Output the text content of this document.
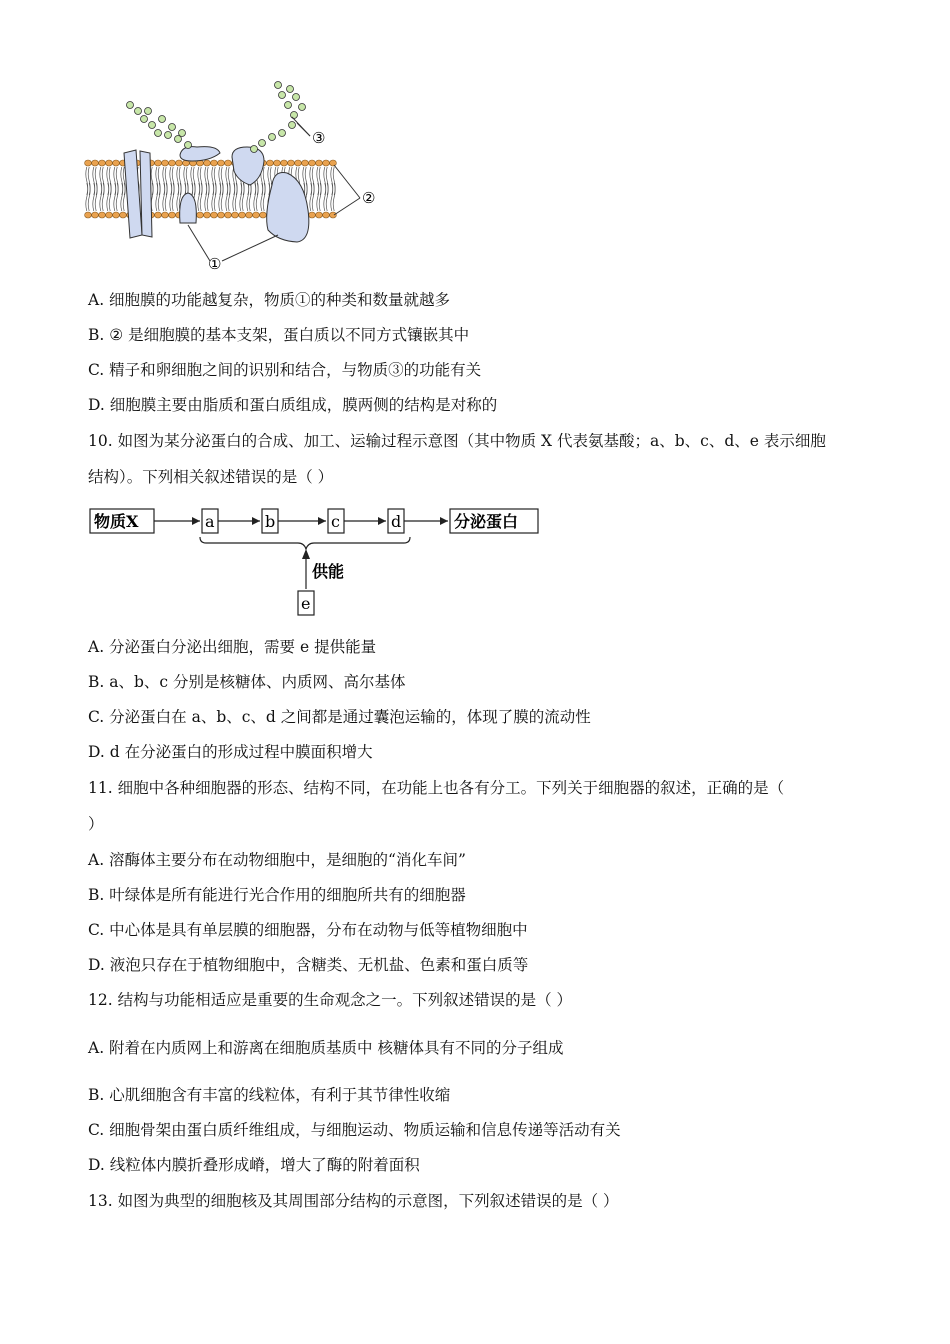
③
②
①
A. 细胞膜的功能越复杂，物质①的种类和数量就越多
B. ② 是细胞膜的基本支架，蛋白质以不同方式镶嵌其中
C. 精子和卵细胞之间的识别和结合，与物质③的功能有关
D. 细胞膜主要由脂质和蛋白质组成，膜两侧的结构是对称的
10. 如图为某分泌蛋白的合成、加工、运输过程示意图（其中物质 X 代表氨基酸；a、b、c、d、e 表示细胞
结构）。下列相关叙述错误的是（ ）
物质X	a	b	c	d	分泌蛋白
供能
e
A. 分泌蛋白分泌出细胞，需要 e 提供能量
B. a、b、c 分别是核糖体、内质网、高尔基体
C. 分泌蛋白在 a、b、c、d 之间都是通过囊泡运输的，体现了膜的流动性
D. d 在分泌蛋白的形成过程中膜面积增大
11. 细胞中各种细胞器的形态、结构不同，在功能上也各有分工。下列关于细胞器的叙述，正确的是（
）
A. 溶酶体主要分布在动物细胞中，是细胞的“消化车间”
B. 叶绿体是所有能进行光合作用的细胞所共有的细胞器
C. 中心体是具有单层膜的细胞器，分布在动物与低等植物细胞中
D. 液泡只存在于植物细胞中，含糖类、无机盐、色素和蛋白质等
12. 结构与功能相适应是重要的生命观念之一。下列叙述错误的是（ ）
A. 附着在内质网上和游离在细胞质基质中 核糖体具有不同的分子组成
B. 心肌细胞含有丰富的线粒体，有利于其节律性收缩
C. 细胞骨架由蛋白质纤维组成，与细胞运动、物质运输和信息传递等活动有关
D. 线粒体内膜折叠形成嵴，增大了酶的附着面积
13. 如图为典型的细胞核及其周围部分结构的示意图，下列叙述错误的是（ ）
